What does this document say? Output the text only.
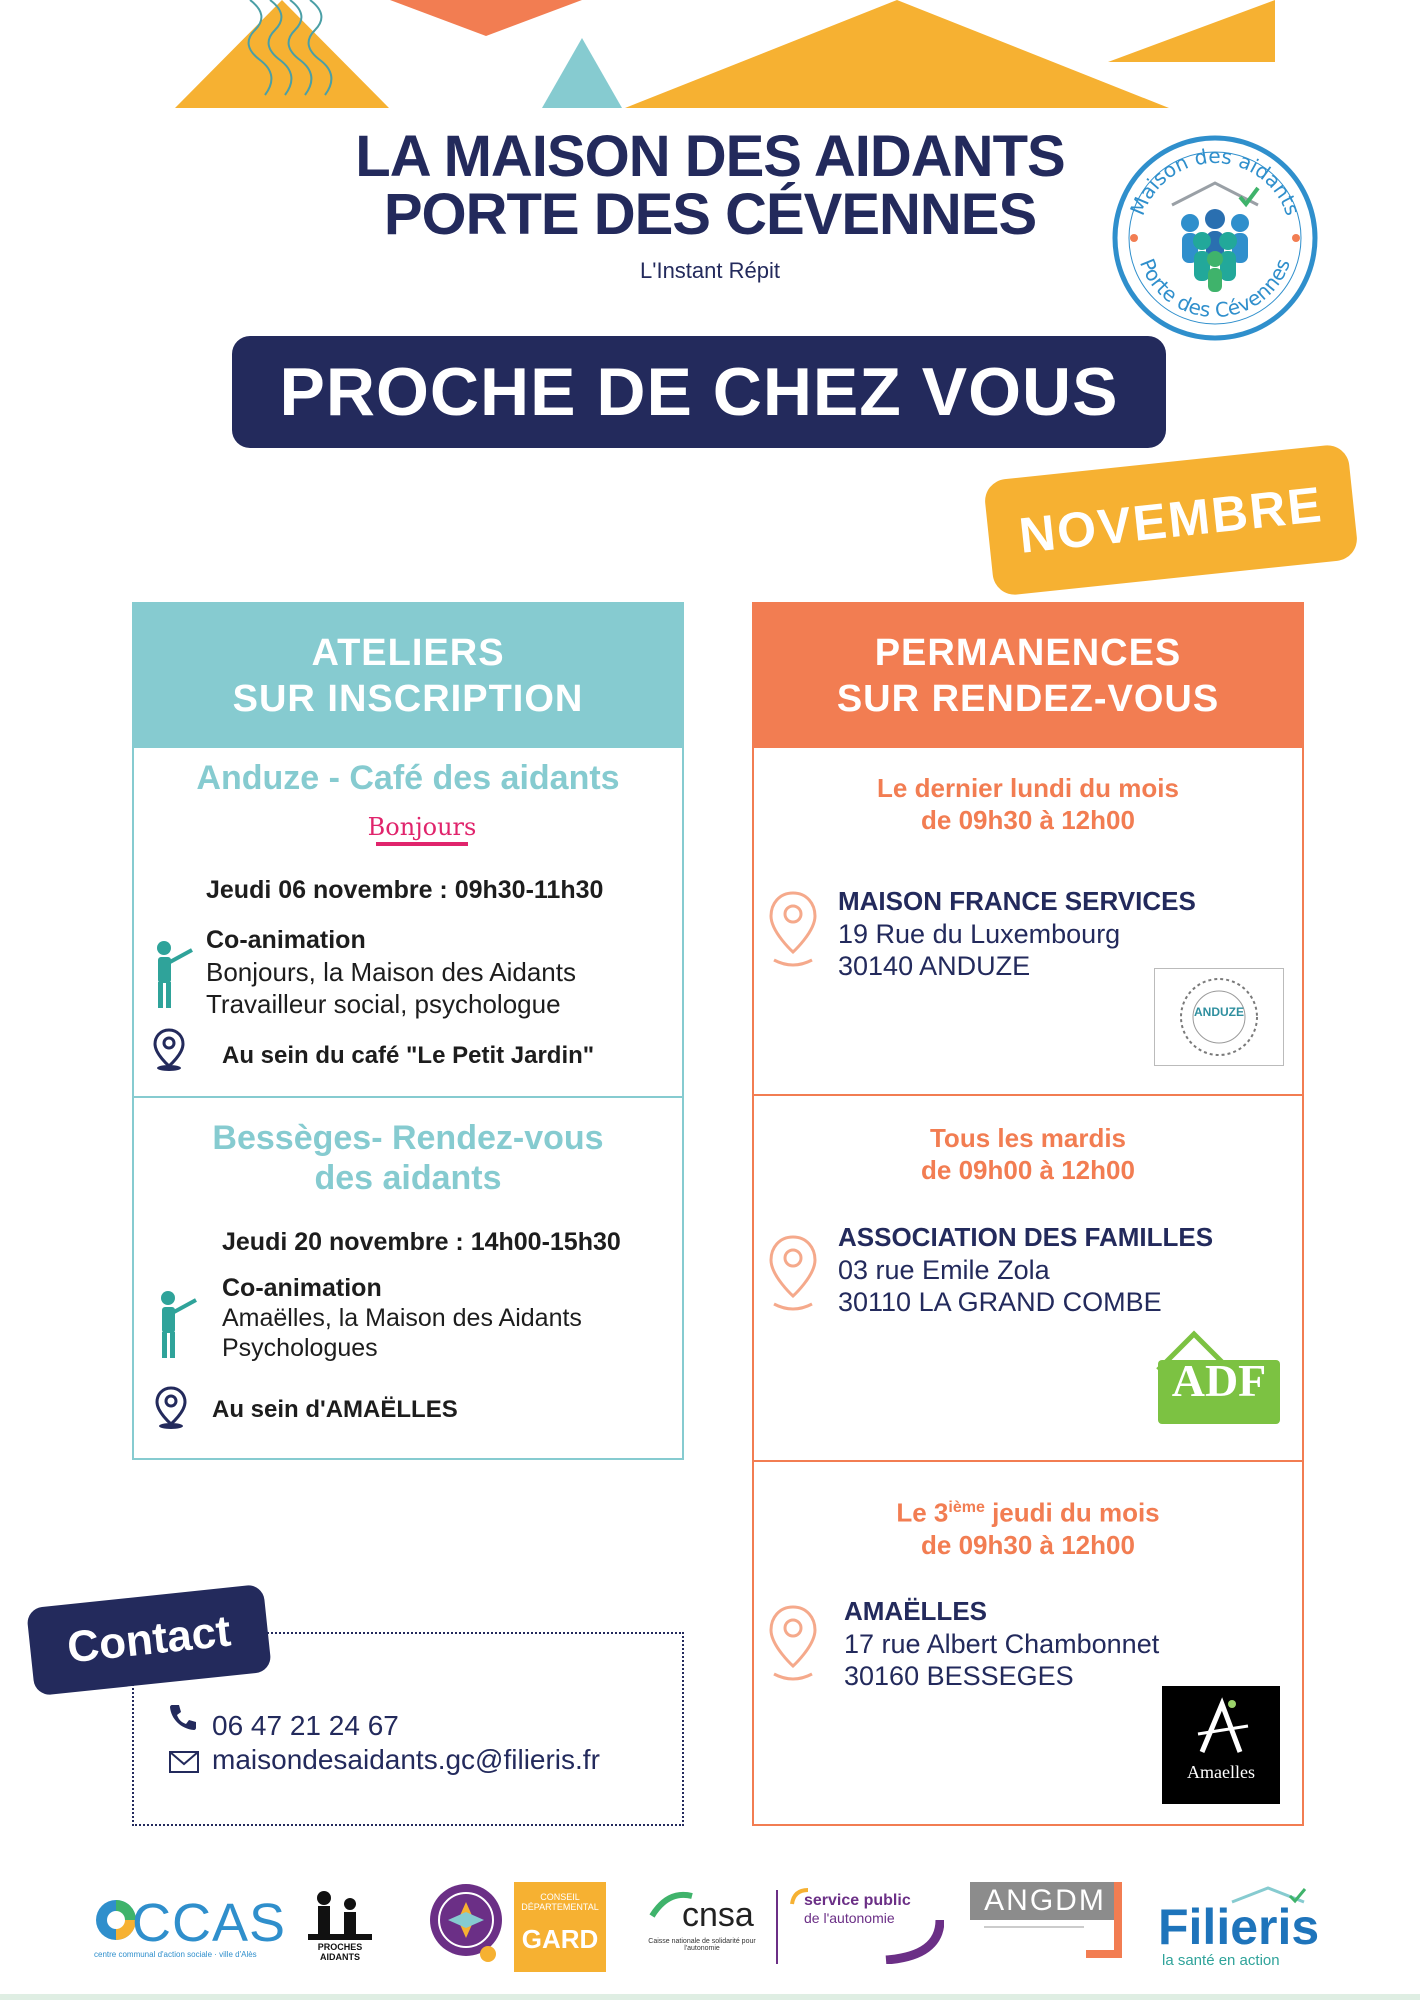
LA MAISON DES AIDANTS
PORTE DES CÉVENNES
L'Instant Répit
Maison des aidants
Porte des Cévennes
PROCHE DE CHEZ VOUS
NOVEMBRE
ATELIERS
SUR INSCRIPTION
Anduze - Café des aidants
Jeudi 06 novembre : 09h30-11h30
Co-animation
Bonjours, la Maison des Aidants
Travailleur social, psychologue
Au sein du café "Le Petit Jardin"
Bessèges- Rendez-vous
des aidants
Jeudi 20 novembre : 14h00-15h30
Co-animation
Amaëlles, la Maison des Aidants
Psychologues
Au sein d'AMAËLLES
Bonjours
PERMANENCES
SUR RENDEZ-VOUS
Le dernier lundi du mois
de 09h30 à 12h00
MAISON FRANCE SERVICES
19 Rue du Luxembourg
30140 ANDUZE
ANDUZE
Tous les mardis
de 09h00 à 12h00
ASSOCIATION DES FAMILLES
03 rue Emile Zola
30110 LA GRAND COMBE
ADF
Le 3ième jeudi du mois
de 09h30 à 12h00
AMAËLLES
17 rue Albert Chambonnet
30160 BESSEGES
Amaelles
Contact
06 47 21 24 67
maisondesaidants.gc@filieris.fr
CCAS
centre communal d'action sociale · ville d'Alès
PROCHES AIDANTS
CONSEIL DÉPARTEMENTAL
GARD
cnsa
Caisse nationale de solidarité pour l'autonomie
service public
de l'autonomie
ANGDM Filieris
la santé en action
